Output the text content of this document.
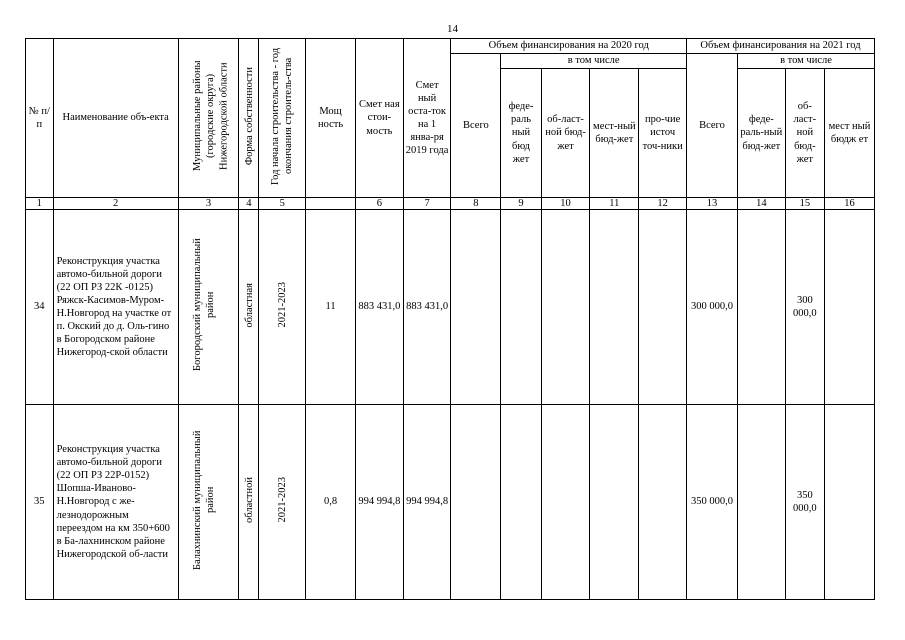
14
№ п/п	Наименование объ-екта	Муниципальные районы (городские округа) Нижегородской области	Форма собственности	Год начала строительства - год окончания строитель-ства	Мощ ность	Смет ная стои-мость	Смет ный оста-ток на 1 янва-ря 2019 года	Объем финансирования на 2020 год					Объем финансирования на 2021 год			
								Всего	в том числе				Всего	в том числе		
									феде-раль ный бюд жет	об-ласт-ной бюд-жет	мест-ный бюд-жет	про-чие источ точ-ники		феде-раль-ный бюд-жет	об-ласт-ной бюд-жет	мест ный бюдж ет
1	2	3	4	5		6	7	8	9	10	11	12	13	14	15	16
34	Реконструкция участка автомо-бильной дороги (22 ОП РЗ 22К -0125) Ряжск-Касимов-Муром-Н.Новгород на участке от п. Окский до д. Оль-гино в Богородском районе Нижегород-ской области	Богородский муниципальный район	областная	2021-2023	11	883 431,0	883 431,0						300 000,0		300 000,0	
35	Реконструкция участка автомо-бильной дороги (22 ОП РЗ 22Р-0152) Шопша-Иваново-Н.Новгород с же-лезнодорожным переездом на км 350+600 в Ба-лахнинском районе Нижегородской об-ласти	Балахнинский муниципальный район	областной	2021-2023	0,8	994 994,8	994 994,8						350 000,0		350 000,0	
